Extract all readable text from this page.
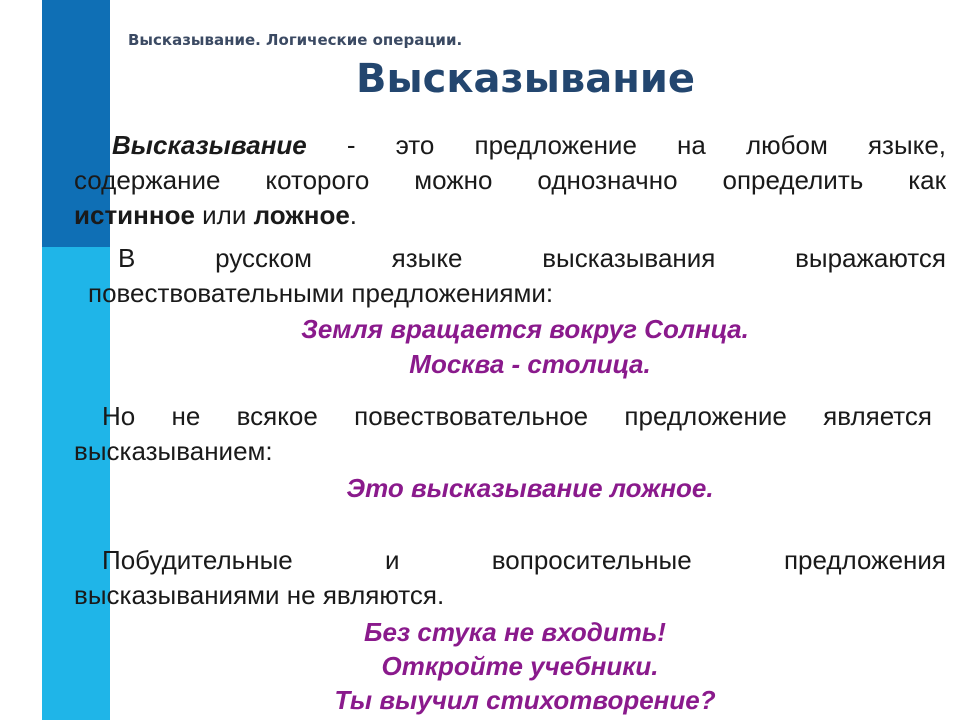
Высказывание. Логические операции.
Высказывание
Высказывание - это предложение на любом языке,
содержание которого можно однозначно определить как
истинное или ложное.
В русском языке высказывания выражаются
повествовательными предложениями:
Земля вращается вокруг Солнца.
Москва - столица.
Но не всякое повествовательное предложение является
высказыванием:
Это высказывание ложное.
Побудительные и вопросительные предложения
высказываниями не являются.
Без стука не входить!
Откройте учебники.
Ты выучил стихотворение?
